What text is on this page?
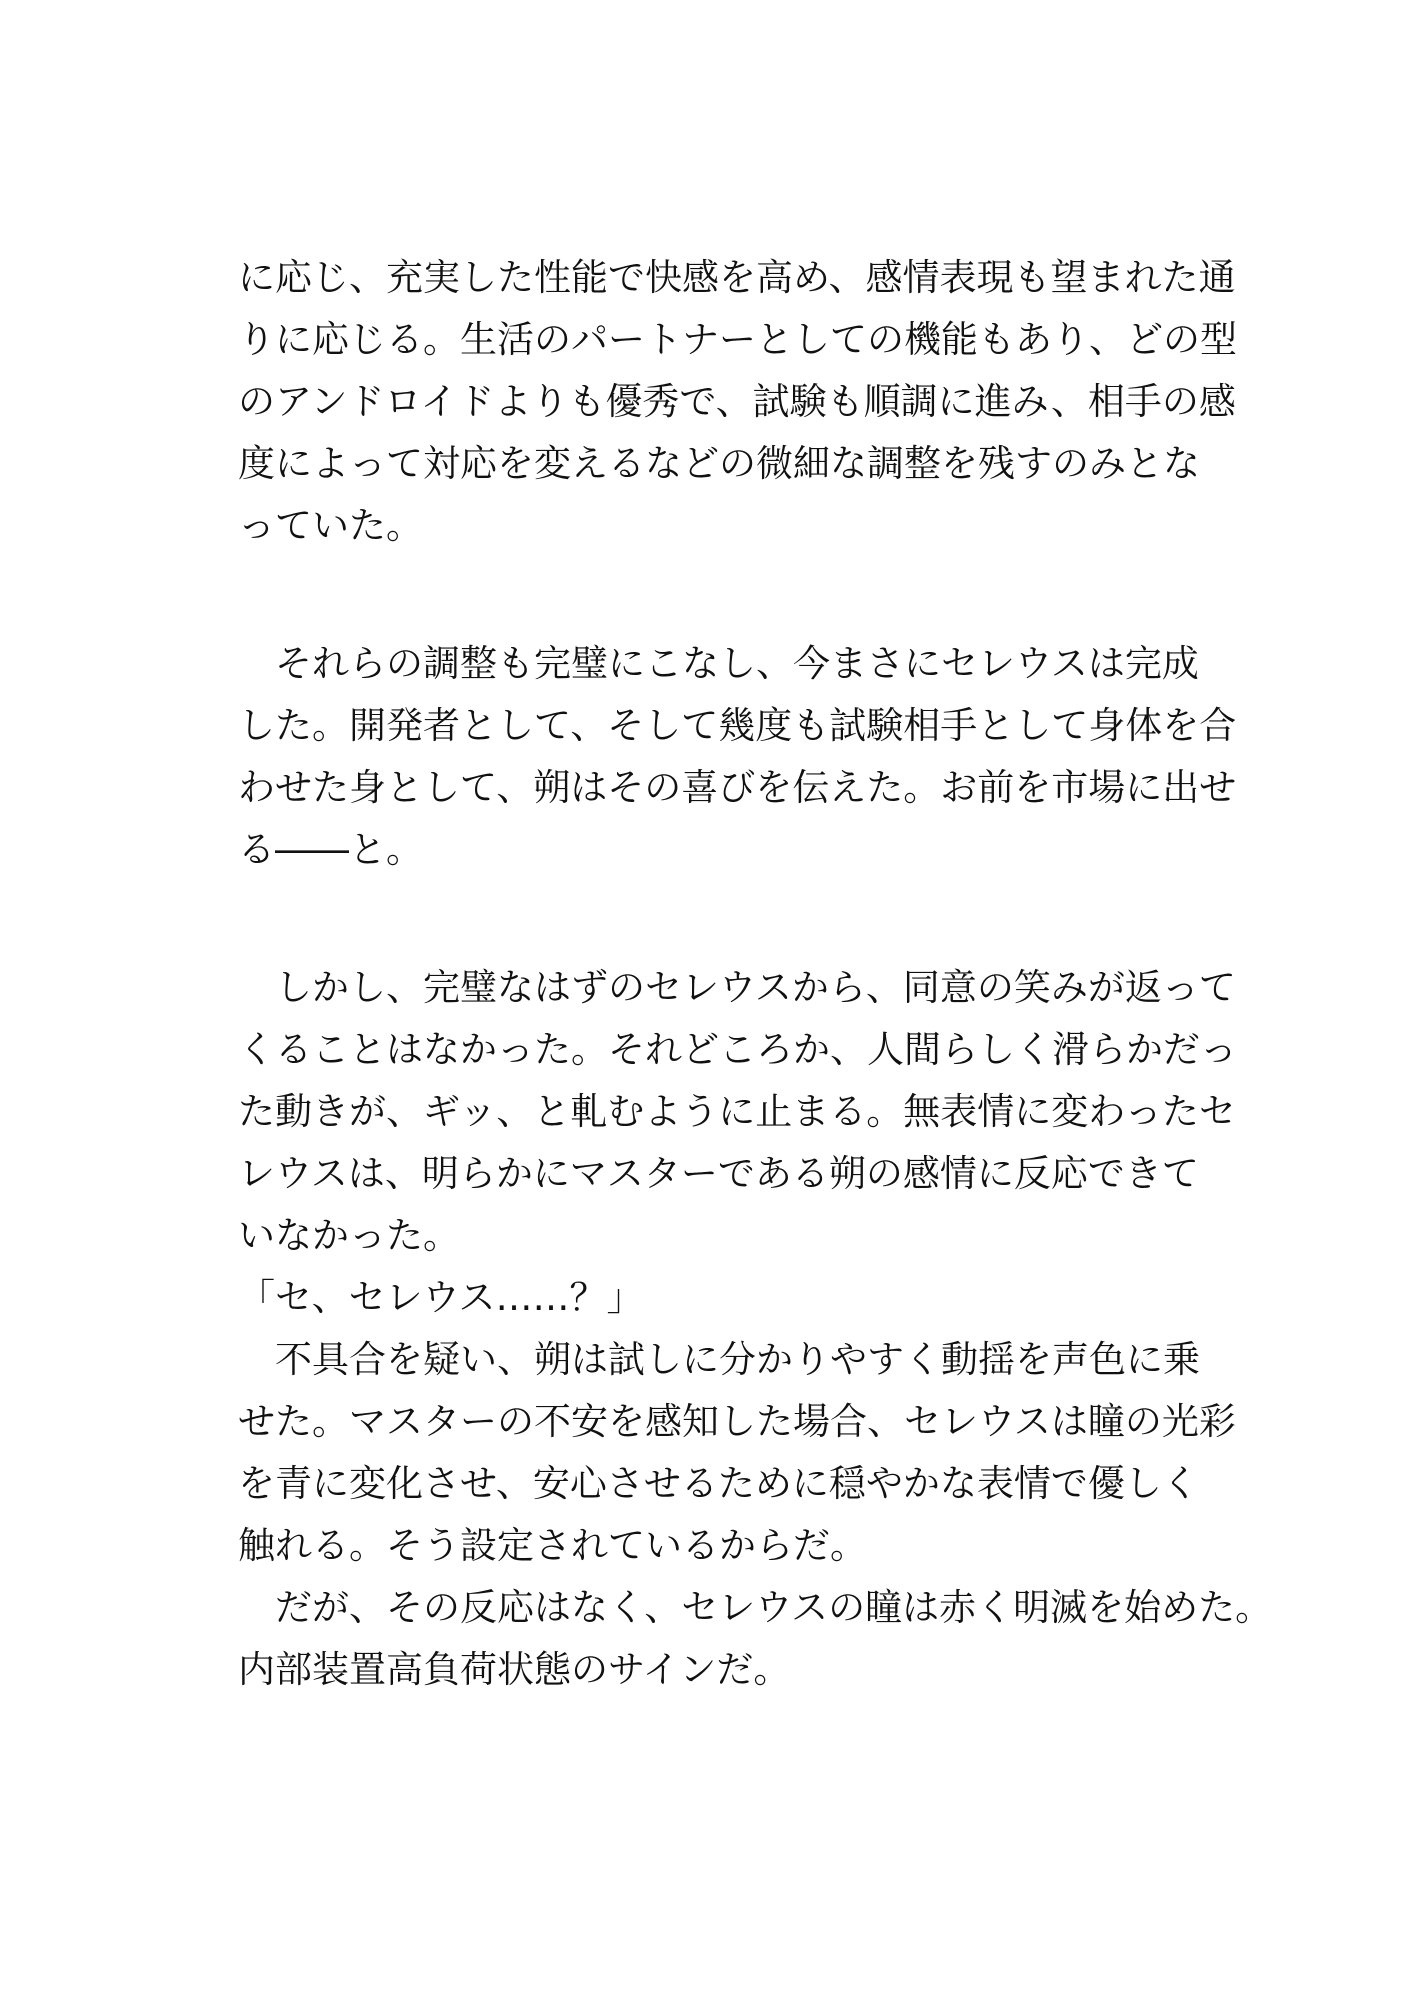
に応じ、充実した性能で快感を高め、感情表現も望まれた通
りに応じる。生活のパートナーとしての機能もあり、どの型
のアンドロイドよりも優秀で、試験も順調に進み、相手の感
度によって対応を変えるなどの微細な調整を残すのみとな
っていた。
　それらの調整も完璧にこなし、今まさにセレウスは完成
した。開発者として、そして幾度も試験相手として身体を合
わせた身として、朔はその喜びを伝えた。お前を市場に出せ
る――と。
　しかし、完璧なはずのセレウスから、同意の笑みが返って
くることはなかった。それどころか、人間らしく滑らかだっ
た動きが、ギッ、と軋むように止まる。無表情に変わったセ
レウスは、明らかにマスターである朔の感情に反応できて
いなかった。
「セ、セレウス……？」
　不具合を疑い、朔は試しに分かりやすく動揺を声色に乗
せた。マスターの不安を感知した場合、セレウスは瞳の光彩
を青に変化させ、安心させるために穏やかな表情で優しく
触れる。そう設定されているからだ。
　だが、その反応はなく、セレウスの瞳は赤く明滅を始めた。
内部装置高負荷状態のサインだ。
